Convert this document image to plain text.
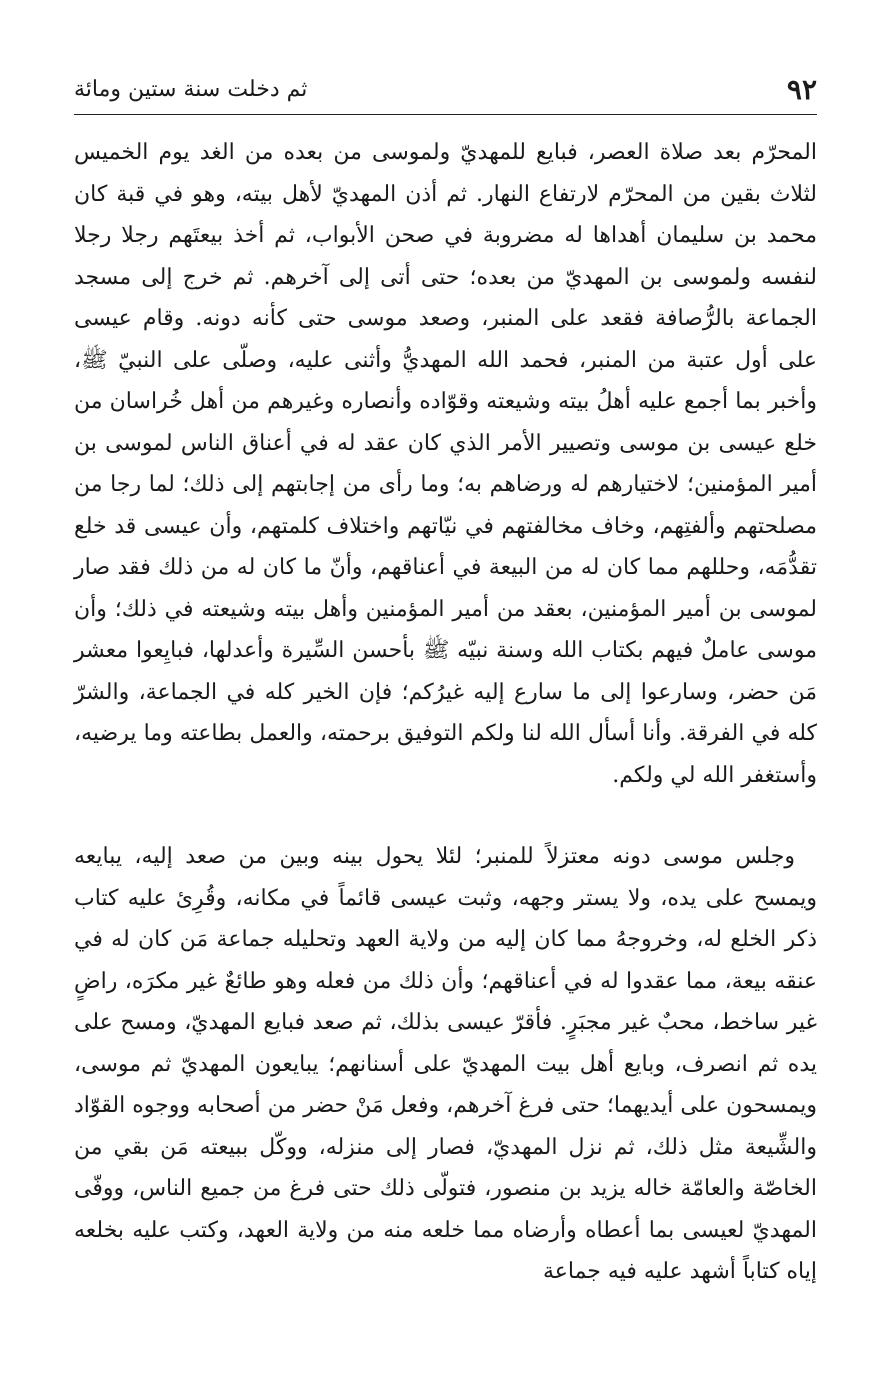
٩٢
ثم دخلت سنة ستين ومائة

المحرّم بعد صلاة العصر، فبايع للمهديّ ولموسى من بعده من الغد يوم الخميس لثلاث بقين من المحرّم لارتفاع النهار. ثم أذن المهديّ لأهل بيته، وهو في قبة كان محمد بن سليمان أهداها له مضروبة في صحن الأبواب، ثم أخذ بيعتَهم رجلا رجلا لنفسه ولموسى بن المهديّ من بعده؛ حتى أتى إلى آخرهم. ثم خرج إلى مسجد الجماعة بالرُّصافة فقعد على المنبر، وصعد موسى حتى كأنه دونه. وقام عيسى على أول عتبة من المنبر، فحمد الله المهديُّ وأثنى عليه، وصلّى على النبيّ ﷺ، وأخبر بما أجمع عليه أهلُ بيته وشيعته وقوّاده وأنصاره وغيرهم من أهل خُراسان من خلع عيسى بن موسى وتصيير الأمر الذي كان عقد له في أعناق الناس لموسى بن أمير المؤمنين؛ لاختيارهم له ورضاهم به؛ وما رأى من إجابتهم إلى ذلك؛ لما رجا من مصلحتهم وألفتِهم، وخاف مخالفتهم في نيّاتهم واختلاف كلمتهم، وأن عيسى قد خلع تقدُّمَه، وحللهم مما كان له من البيعة في أعناقهم، وأنّ ما كان له من ذلك فقد صار لموسى بن أمير المؤمنين، بعقد من أمير المؤمنين وأهل بيته وشيعته في ذلك؛ وأن موسى عاملٌ فيهم بكتاب الله وسنة نبيّه ﷺ بأحسن السِّيرة وأعدلها، فبايِعوا معشر مَن حضر، وسارعوا إلى ما سارع إليه غيرُكم؛ فإن الخير كله في الجماعة، والشرّ كله في الفرقة. وأنا أسأل الله لنا ولكم التوفيق برحمته، والعمل بطاعته وما يرضيه، وأستغفر الله لي ولكم.

وجلس موسى دونه معتزلاً للمنبر؛ لئلا يحول بينه وبين من صعد إليه، يبايعه ويمسح على يده، ولا يستر وجهه، وثبت عيسى قائماً في مكانه، وقُرِئ عليه كتاب ذكر الخلع له، وخروجهُ مما كان إليه من ولاية العهد وتحليله جماعة مَن كان له في عنقه بيعة، مما عقدوا له في أعناقهم؛ وأن ذلك من فعله وهو طائعٌ غير مكرَه، راضٍ غير ساخط، محبٌ غير مجبَرٍ. فأقرّ عيسى بذلك، ثم صعد فبايع المهديّ، ومسح على يده ثم انصرف، وبايع أهل بيت المهديّ على أسنانهم؛ يبايعون المهديّ ثم موسى، ويمسحون على أيديهما؛ حتى فرغ آخرهم، وفعل مَنْ حضر من أصحابه ووجوه القوّاد والشِّيعة مثل ذلك، ثم نزل المهديّ، فصار إلى منزله، ووكّل ببيعته مَن بقي من الخاصّة والعامّة خاله يزيد بن منصور، فتولّى ذلك حتى فرغ من جميع الناس، ووفّى المهديّ لعيسى بما أعطاه وأرضاه مما خلعه منه من ولاية العهد، وكتب عليه بخلعه إياه كتاباً أشهد عليه فيه جماعة
